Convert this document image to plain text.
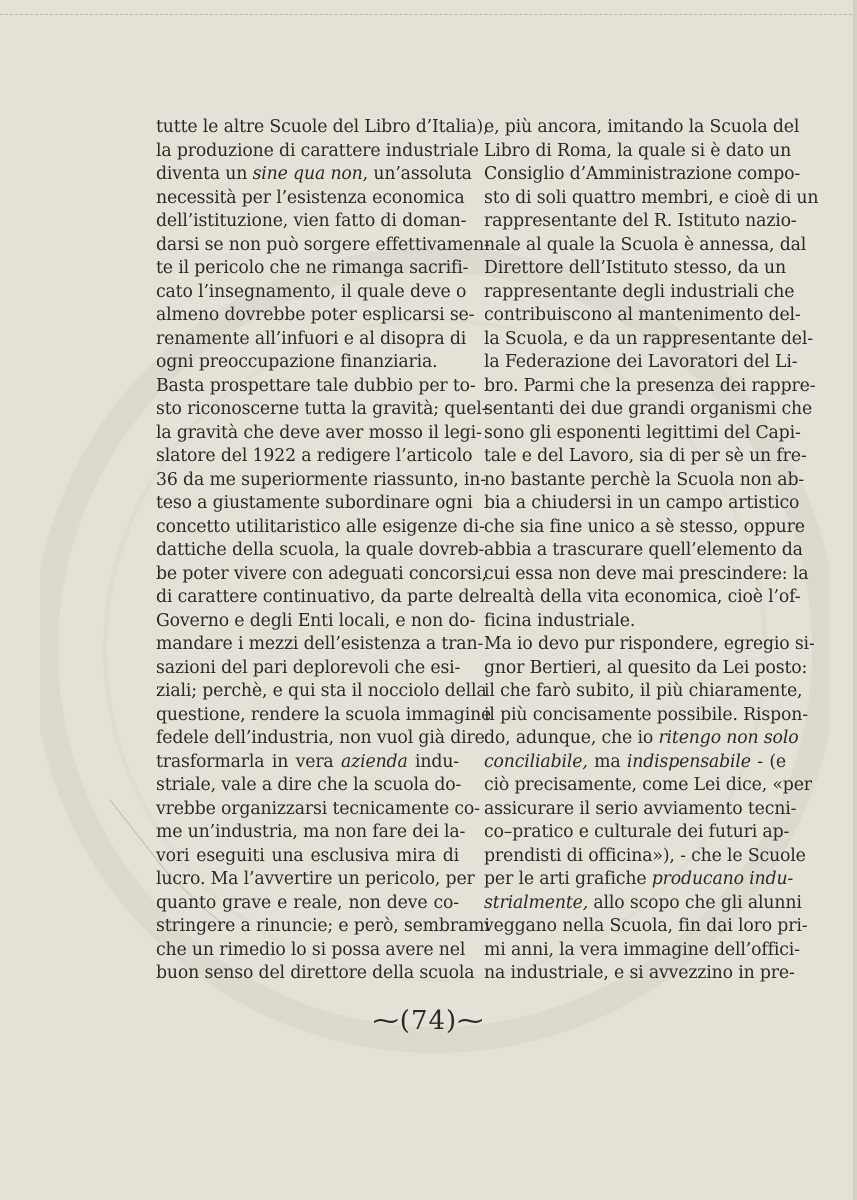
tutte le altre Scuole del Libro d’Italia),
la produzione di carattere industriale
diventa un sine qua non, un’assoluta
necessità per l’esistenza economica
dell’istituzione, vien fatto di doman-
darsi se non può sorgere effettivamen-
te il pericolo che ne rimanga sacrifi-
cato l’insegnamento, il quale deve o
almeno dovrebbe poter esplicarsi se-
renamente all’infuori e al disopra di
ogni preoccupazione finanziaria.
Basta prospettare tale dubbio per to-
sto riconoscerne tutta la gravità; quel-
la gravità che deve aver mosso il legi-
slatore del 1922 a redigere l’articolo
36 da me superiormente riassunto, in-
teso a giustamente subordinare ogni
concetto utilitaristico alle esigenze di-
dattiche della scuola, la quale dovreb-
be poter vivere con adeguati concorsi,
di carattere continuativo, da parte del
Governo e degli Enti locali, e non do-
mandare i mezzi dell’esistenza a tran-
sazioni del pari deplorevoli che esi-
ziali; perchè, e qui sta il nocciolo della
questione, rendere la scuola immagine
fedele dell’industria, non vuol già dire
trasformarla in vera azienda indu-
striale, vale a dire che la scuola do-
vrebbe organizzarsi tecnicamente co-
me un’industria, ma non fare dei la-
vori eseguiti una esclusiva mira di
lucro. Ma l’avvertire un pericolo, per
quanto grave e reale, non deve co-
stringere a rinuncie; e però, sembrami
che un rimedio lo si possa avere nel
buon senso del direttore della scuola
e, più ancora, imitando la Scuola del
Libro di Roma, la quale si è dato un
Consiglio d’Amministrazione compo-
sto di soli quattro membri, e cioè di un
rappresentante del R. Istituto nazio-
nale al quale la Scuola è annessa, dal
Direttore dell’Istituto stesso, da un
rappresentante degli industriali che
contribuiscono al mantenimento del-
la Scuola, e da un rappresentante del-
la Federazione dei Lavoratori del Li-
bro. Parmi che la presenza dei rappre-
sentanti dei due grandi organismi che
sono gli esponenti legittimi del Capi-
tale e del Lavoro, sia di per sè un fre-
no bastante perchè la Scuola non ab-
bia a chiudersi in un campo artistico
che sia fine unico a sè stesso, oppure
abbia a trascurare quell’elemento da
cui essa non deve mai prescindere: la
realtà della vita economica, cioè l’of-
ficina industriale.
Ma io devo pur rispondere, egregio si-
gnor Bertieri, al quesito da Lei posto:
il che farò subito, il più chiaramente,
il più concisamente possibile. Rispon-
do, adunque, che io ritengo non solo
conciliabile, ma indispensabile - (e
ciò precisamente, come Lei dice, «per
assicurare il serio avviamento tecni-
co–pratico e culturale dei futuri ap-
prendisti di officina»), - che le Scuole
per le arti grafiche producano indu-
strialmente, allo scopo che gli alunni
veggano nella Scuola, fin dai loro pri-
mi anni, la vera immagine dell’offici-
na industriale, e si avvezzino in pre-
⁓(74)⁓
